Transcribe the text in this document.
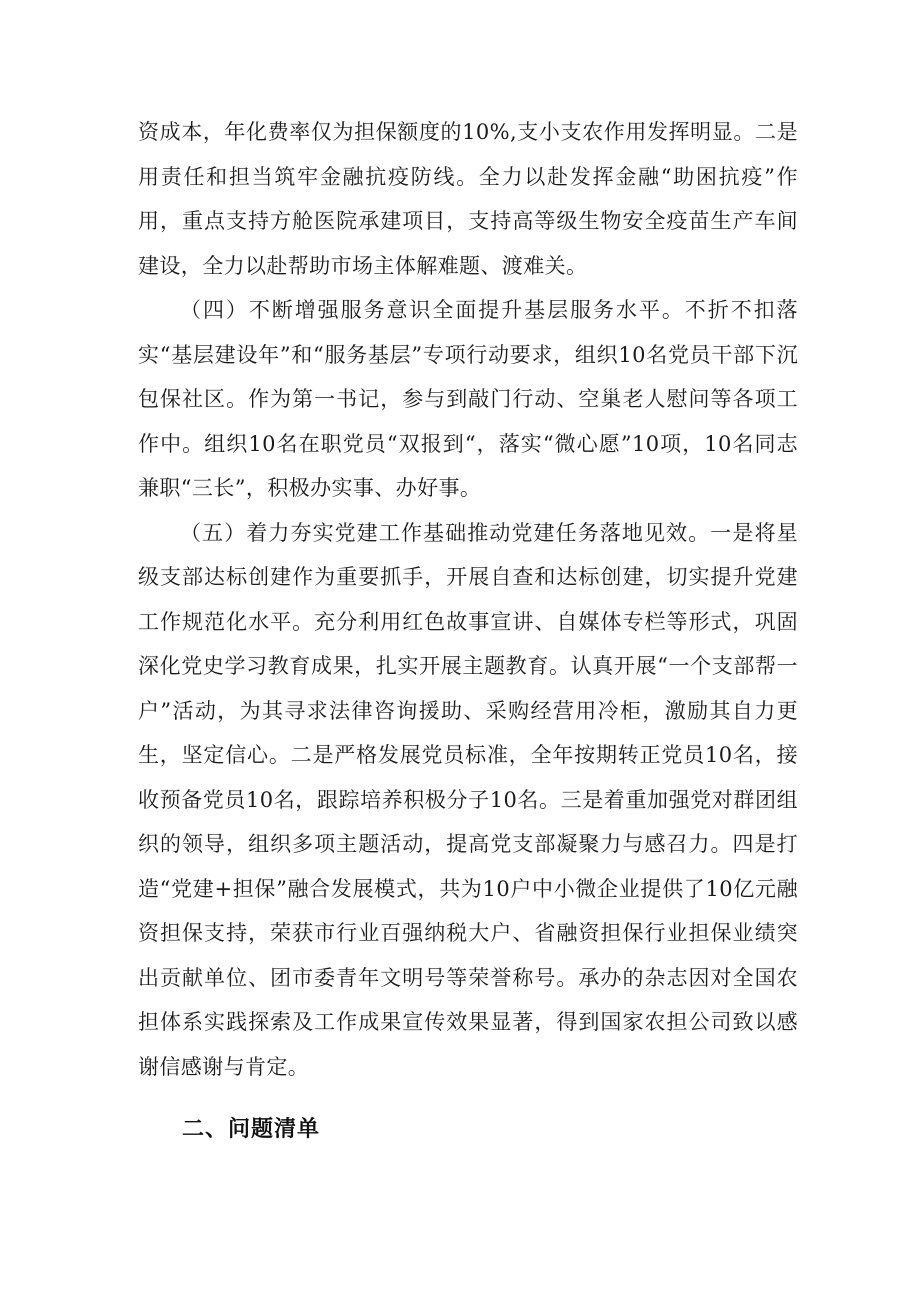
资成本，年化费率仅为担保额度的10%,支小支农作用发挥明显。二是用责任和担当筑牢金融抗疫防线。全力以赴发挥金融“助困抗疫”作用，重点支持方舱医院承建项目，支持高等级生物安全疫苗生产车间建设，全力以赴帮助市场主体解难题、渡难关。

（四）不断增强服务意识全面提升基层服务水平。不折不扣落实“基层建设年”和“服务基层”专项行动要求，组织10名党员干部下沉包保社区。作为第一书记，参与到敲门行动、空巢老人慰问等各项工作中。组织10名在职党员“双报到“，落实“微心愿”10项，10名同志兼职“三长”，积极办实事、办好事。

（五）着力夯实党建工作基础推动党建任务落地见效。一是将星级支部达标创建作为重要抓手，开展自查和达标创建，切实提升党建工作规范化水平。充分利用红色故事宣讲、自媒体专栏等形式，巩固深化党史学习教育成果，扎实开展主题教育。认真开展“一个支部帮一户”活动，为其寻求法律咨询援助、采购经营用冷柜，激励其自力更生，坚定信心。二是严格发展党员标准，全年按期转正党员10名，接收预备党员10名，跟踪培养积极分子10名。三是着重加强党对群团组织的领导，组织多项主题活动，提高党支部凝聚力与感召力。四是打造“党建+担保”融合发展模式，共为10户中小微企业提供了10亿元融资担保支持，荣获市行业百强纳税大户、省融资担保行业担保业绩突出贡献单位、团市委青年文明号等荣誉称号。承办的杂志因对全国农担体系实践探索及工作成果宣传效果显著，得到国家农担公司致以感谢信感谢与肯定。

二、问题清单
